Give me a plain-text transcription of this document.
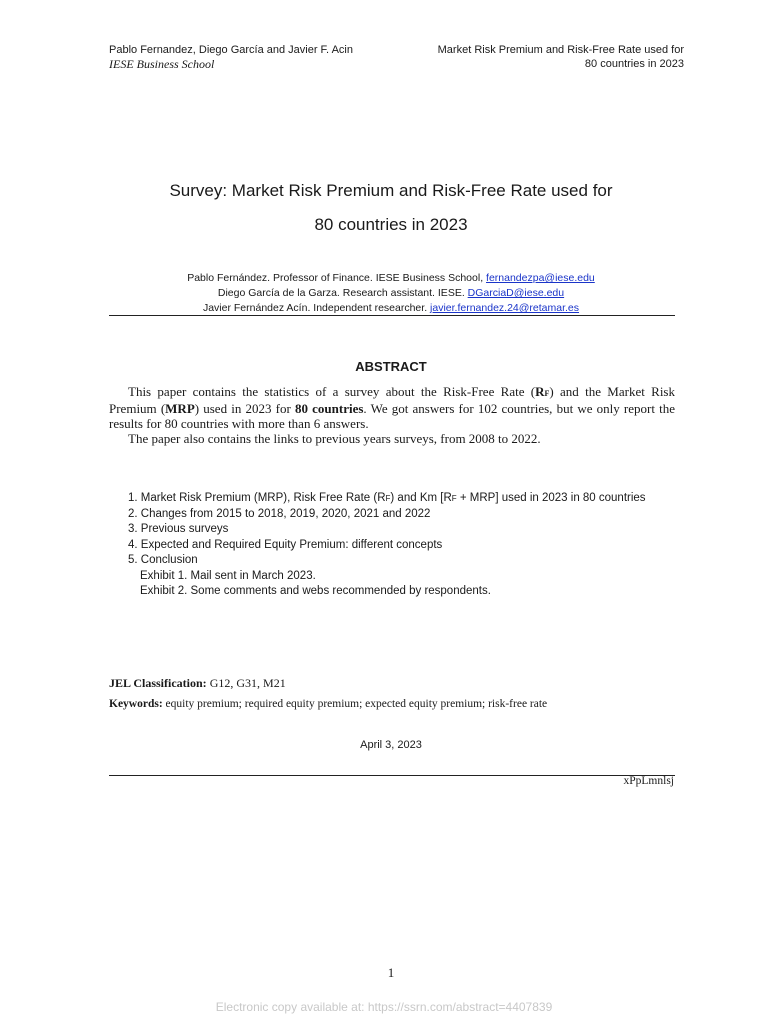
Pablo Fernandez, Diego García and Javier F. Acin
IESE Business School
Market Risk Premium and Risk-Free Rate used for
80 countries in 2023
Survey: Market Risk Premium and Risk-Free Rate used for
80 countries in 2023
Pablo Fernández. Professor of Finance. IESE Business School, fernandezpa@iese.edu
Diego García de la Garza. Research assistant. IESE. DGarciaD@iese.edu
Javier Fernández Acín. Independent researcher. javier.fernandez.24@retamar.es
ABSTRACT

This paper contains the statistics of a survey about the Risk-Free Rate (RF) and the Market Risk Premium (MRP) used in 2023 for 80 countries. We got answers for 102 countries, but we only report the results for 80 countries with more than 6 answers.

The paper also contains the links to previous years surveys, from 2008 to 2022.

1. Market Risk Premium (MRP), Risk Free Rate (RF) and Km [RF + MRP] used in 2023 in 80 countries
2. Changes from 2015 to 2018, 2019, 2020, 2021 and 2022
3. Previous surveys
4. Expected and Required Equity Premium: different concepts
5. Conclusion
Exhibit 1. Mail sent in March 2023.
Exhibit 2. Some comments and webs recommended by respondents.
JEL Classification: G12, G31, M21
Keywords: equity premium; required equity premium; expected equity premium; risk-free rate
April 3, 2023
xPpLmnlsj
1
Electronic copy available at: https://ssrn.com/abstract=4407839
